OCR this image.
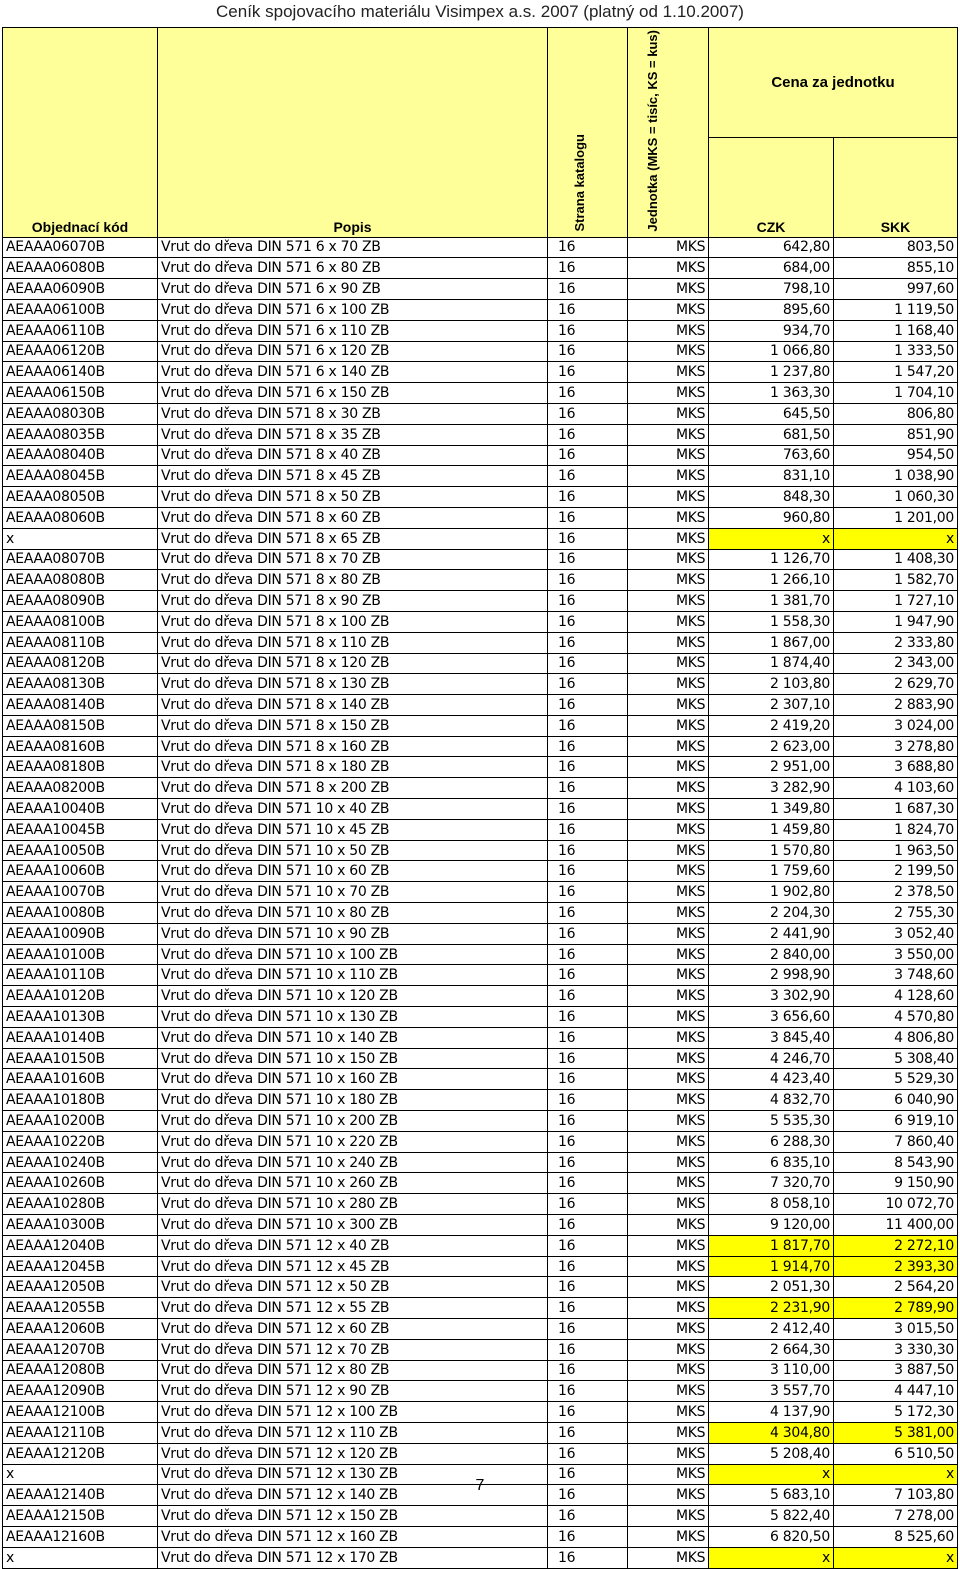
Ceník spojovacího materiálu Visimpex a.s. 2007 (platný od 1.10.2007)
Objednací kód	Popis	Strana katalogu	Jednotka (MKS = tisíc, KS = kus)	Cena za jednotku	
				CZK	SKK
AEAAA06070B	Vrut do dřeva DIN 571 6 x 70 ZB	16	MKS	642,80	803,50
AEAAA06080B	Vrut do dřeva DIN 571 6 x 80 ZB	16	MKS	684,00	855,10
AEAAA06090B	Vrut do dřeva DIN 571 6 x 90 ZB	16	MKS	798,10	997,60
AEAAA06100B	Vrut do dřeva DIN 571 6 x 100 ZB	16	MKS	895,60	1 119,50
AEAAA06110B	Vrut do dřeva DIN 571 6 x 110 ZB	16	MKS	934,70	1 168,40
AEAAA06120B	Vrut do dřeva DIN 571 6 x 120 ZB	16	MKS	1 066,80	1 333,50
AEAAA06140B	Vrut do dřeva DIN 571 6 x 140 ZB	16	MKS	1 237,80	1 547,20
AEAAA06150B	Vrut do dřeva DIN 571 6 x 150 ZB	16	MKS	1 363,30	1 704,10
AEAAA08030B	Vrut do dřeva DIN 571 8 x 30 ZB	16	MKS	645,50	806,80
AEAAA08035B	Vrut do dřeva DIN 571 8 x 35 ZB	16	MKS	681,50	851,90
AEAAA08040B	Vrut do dřeva DIN 571 8 x 40 ZB	16	MKS	763,60	954,50
AEAAA08045B	Vrut do dřeva DIN 571 8 x 45 ZB	16	MKS	831,10	1 038,90
AEAAA08050B	Vrut do dřeva DIN 571 8 x 50 ZB	16	MKS	848,30	1 060,30
AEAAA08060B	Vrut do dřeva DIN 571 8 x 60 ZB	16	MKS	960,80	1 201,00
x	Vrut do dřeva DIN 571 8 x 65 ZB	16	MKS	x	x
AEAAA08070B	Vrut do dřeva DIN 571 8 x 70 ZB	16	MKS	1 126,70	1 408,30
AEAAA08080B	Vrut do dřeva DIN 571 8 x 80 ZB	16	MKS	1 266,10	1 582,70
AEAAA08090B	Vrut do dřeva DIN 571 8 x 90 ZB	16	MKS	1 381,70	1 727,10
AEAAA08100B	Vrut do dřeva DIN 571 8 x 100 ZB	16	MKS	1 558,30	1 947,90
AEAAA08110B	Vrut do dřeva DIN 571 8 x 110 ZB	16	MKS	1 867,00	2 333,80
AEAAA08120B	Vrut do dřeva DIN 571 8 x 120 ZB	16	MKS	1 874,40	2 343,00
AEAAA08130B	Vrut do dřeva DIN 571 8 x 130 ZB	16	MKS	2 103,80	2 629,70
AEAAA08140B	Vrut do dřeva DIN 571 8 x 140 ZB	16	MKS	2 307,10	2 883,90
AEAAA08150B	Vrut do dřeva DIN 571 8 x 150 ZB	16	MKS	2 419,20	3 024,00
AEAAA08160B	Vrut do dřeva DIN 571 8 x 160 ZB	16	MKS	2 623,00	3 278,80
AEAAA08180B	Vrut do dřeva DIN 571 8 x 180 ZB	16	MKS	2 951,00	3 688,80
AEAAA08200B	Vrut do dřeva DIN 571 8 x 200 ZB	16	MKS	3 282,90	4 103,60
AEAAA10040B	Vrut do dřeva DIN 571 10 x 40 ZB	16	MKS	1 349,80	1 687,30
AEAAA10045B	Vrut do dřeva DIN 571 10 x 45 ZB	16	MKS	1 459,80	1 824,70
AEAAA10050B	Vrut do dřeva DIN 571 10 x 50 ZB	16	MKS	1 570,80	1 963,50
AEAAA10060B	Vrut do dřeva DIN 571 10 x 60 ZB	16	MKS	1 759,60	2 199,50
AEAAA10070B	Vrut do dřeva DIN 571 10 x 70 ZB	16	MKS	1 902,80	2 378,50
AEAAA10080B	Vrut do dřeva DIN 571 10 x 80 ZB	16	MKS	2 204,30	2 755,30
AEAAA10090B	Vrut do dřeva DIN 571 10 x 90 ZB	16	MKS	2 441,90	3 052,40
AEAAA10100B	Vrut do dřeva DIN 571 10 x 100 ZB	16	MKS	2 840,00	3 550,00
AEAAA10110B	Vrut do dřeva DIN 571 10 x 110 ZB	16	MKS	2 998,90	3 748,60
AEAAA10120B	Vrut do dřeva DIN 571 10 x 120 ZB	16	MKS	3 302,90	4 128,60
AEAAA10130B	Vrut do dřeva DIN 571 10 x 130 ZB	16	MKS	3 656,60	4 570,80
AEAAA10140B	Vrut do dřeva DIN 571 10 x 140 ZB	16	MKS	3 845,40	4 806,80
AEAAA10150B	Vrut do dřeva DIN 571 10 x 150 ZB	16	MKS	4 246,70	5 308,40
AEAAA10160B	Vrut do dřeva DIN 571 10 x 160 ZB	16	MKS	4 423,40	5 529,30
AEAAA10180B	Vrut do dřeva DIN 571 10 x 180 ZB	16	MKS	4 832,70	6 040,90
AEAAA10200B	Vrut do dřeva DIN 571 10 x 200 ZB	16	MKS	5 535,30	6 919,10
AEAAA10220B	Vrut do dřeva DIN 571 10 x 220 ZB	16	MKS	6 288,30	7 860,40
AEAAA10240B	Vrut do dřeva DIN 571 10 x 240 ZB	16	MKS	6 835,10	8 543,90
AEAAA10260B	Vrut do dřeva DIN 571 10 x 260 ZB	16	MKS	7 320,70	9 150,90
AEAAA10280B	Vrut do dřeva DIN 571 10 x 280 ZB	16	MKS	8 058,10	10 072,70
AEAAA10300B	Vrut do dřeva DIN 571 10 x 300 ZB	16	MKS	9 120,00	11 400,00
AEAAA12040B	Vrut do dřeva DIN 571 12 x 40 ZB	16	MKS	1 817,70	2 272,10
AEAAA12045B	Vrut do dřeva DIN 571 12 x 45 ZB	16	MKS	1 914,70	2 393,30
AEAAA12050B	Vrut do dřeva DIN 571 12 x 50 ZB	16	MKS	2 051,30	2 564,20
AEAAA12055B	Vrut do dřeva DIN 571 12 x 55 ZB	16	MKS	2 231,90	2 789,90
AEAAA12060B	Vrut do dřeva DIN 571 12 x 60 ZB	16	MKS	2 412,40	3 015,50
AEAAA12070B	Vrut do dřeva DIN 571 12 x 70 ZB	16	MKS	2 664,30	3 330,30
AEAAA12080B	Vrut do dřeva DIN 571 12 x 80 ZB	16	MKS	3 110,00	3 887,50
AEAAA12090B	Vrut do dřeva DIN 571 12 x 90 ZB	16	MKS	3 557,70	4 447,10
AEAAA12100B	Vrut do dřeva DIN 571 12 x 100 ZB	16	MKS	4 137,90	5 172,30
AEAAA12110B	Vrut do dřeva DIN 571 12 x 110 ZB	16	MKS	4 304,80	5 381,00
AEAAA12120B	Vrut do dřeva DIN 571 12 x 120 ZB	16	MKS	5 208,40	6 510,50
x	Vrut do dřeva DIN 571 12 x 130 ZB	16	MKS	x	x
AEAAA12140B	Vrut do dřeva DIN 571 12 x 140 ZB	16	MKS	5 683,10	7 103,80
AEAAA12150B	Vrut do dřeva DIN 571 12 x 150 ZB	16	MKS	5 822,40	7 278,00
AEAAA12160B	Vrut do dřeva DIN 571 12 x 160 ZB	16	MKS	6 820,50	8 525,60
x	Vrut do dřeva DIN 571 12 x 170 ZB	16	MKS	x	x
7
